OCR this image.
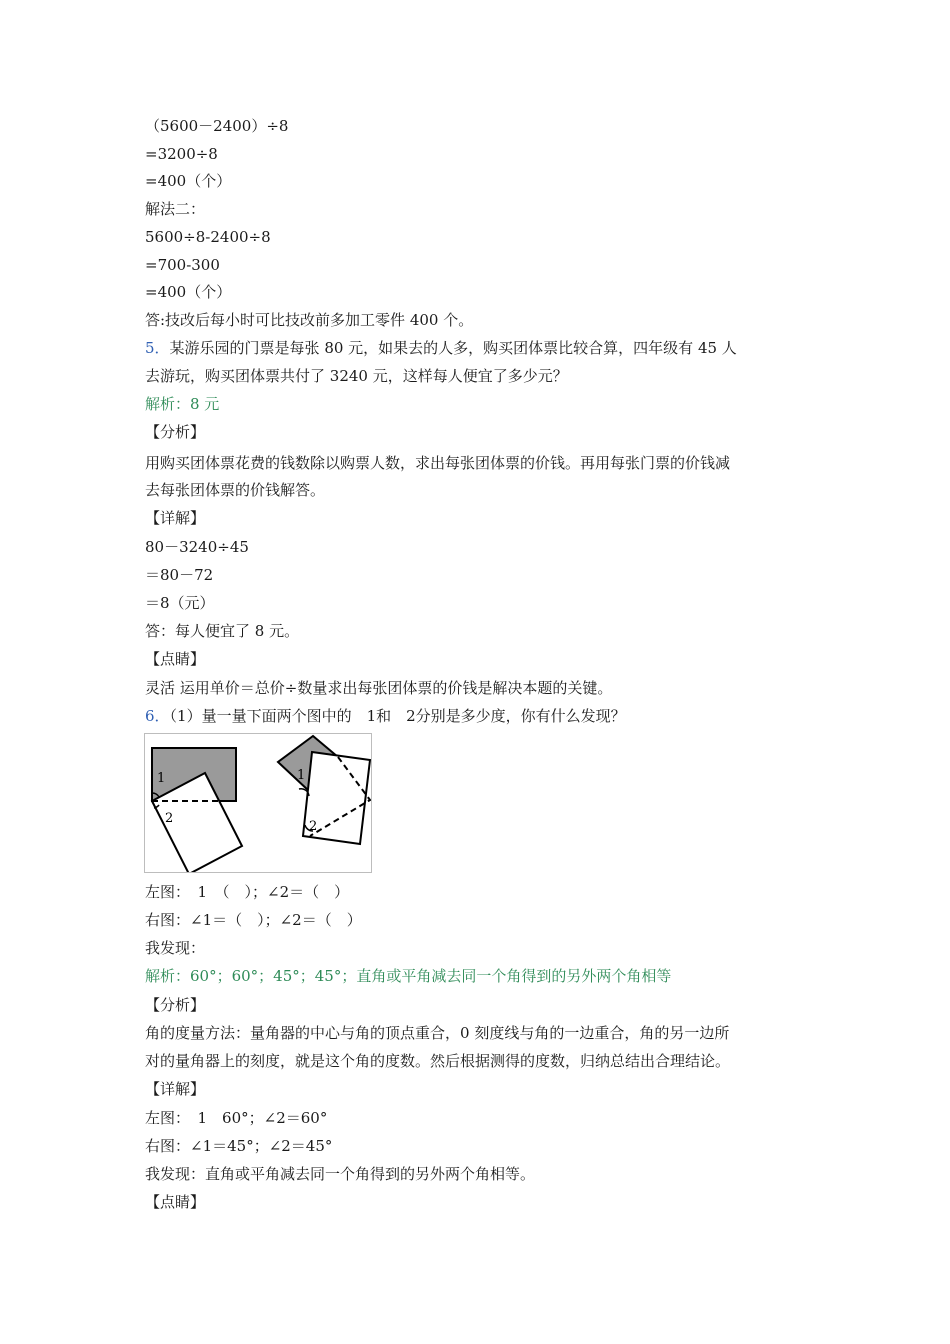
（5600－2400）÷8
=3200÷8
=400（个）
解法二：
5600÷8-2400÷8
=700-300
=400（个）
答:技改后每小时可比技改前多加工零件 400 个。
5．某游乐园的门票是每张 80 元，如果去的人多，购买团体票比较合算，四年级有 45 人
去游玩，购买团体票共付了 3240 元，这样每人便宜了多少元？
解析：8 元
【分析】
用购买团体票花费的钱数除以购票人数，求出每张团体票的价钱。再用每张门票的价钱减
去每张团体票的价钱解答。
【详解】
80－3240÷45
＝80－72
＝8（元）
答：每人便宜了 8 元。
【点睛】
灵活 运用单价＝总价÷数量求出每张团体票的价钱是解决本题的关键。
6．（1）量一量下面两个图中的　1和　2分别是多少度，你有什么发现？
1
2
1
2
左图：　1　（　）；∠2＝（　）
右图：∠1＝（　）；∠2＝（　）
我发现：
解析：60°；60°；45°；45°；直角或平角减去同一个角得到的另外两个角相等
【分析】
角的度量方法：量角器的中心与角的顶点重合，0 刻度线与角的一边重合，角的另一边所
对的量角器上的刻度，就是这个角的度数。然后根据测得的度数，归纳总结出合理结论。
【详解】
左图：　1　60°；∠2＝60°
右图：∠1＝45°；∠2＝45°
我发现：直角或平角减去同一个角得到的另外两个角相等。
【点睛】
